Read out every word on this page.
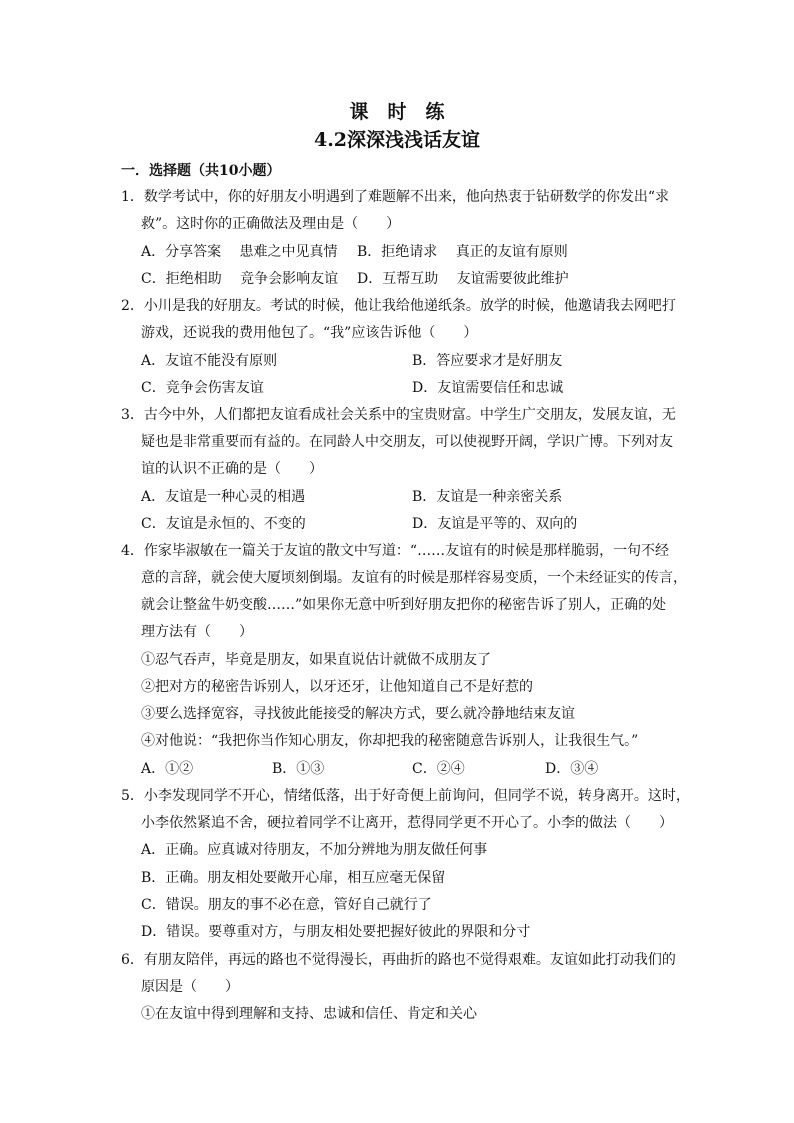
课　时　练
4.2深深浅浅话友谊
一．选择题（共10小题）
1．数学考试中，你的好朋友小明遇到了难题解不出来，他向热衷于钻研数学的你发出“求
救”。这时你的正确做法及理由是（　　）
A．分享答案　 患难之中见真情 B．拒绝请求　 真正的友谊有原则
C．拒绝相助　 竞争会影响友谊 D．互帮互助　 友谊需要彼此维护
2．小川是我的好朋友。考试的时候，他让我给他递纸条。放学的时候，他邀请我去网吧打
游戏，还说我的费用他包了。“我”应该告诉他（　　）
A．友谊不能没有原则	B．答应要求才是好朋友
C．竞争会伤害友谊	D．友谊需要信任和忠诚
3．古今中外，人们都把友谊看成社会关系中的宝贵财富。中学生广交朋友，发展友谊，无
疑也是非常重要而有益的。在同龄人中交朋友，可以使视野开阔，学识广博。下列对友
谊的认识不正确的是（　　）
A．友谊是一种心灵的相遇	B．友谊是一种亲密关系
C．友谊是永恒的、不变的	D．友谊是平等的、双向的
4．作家毕淑敏在一篇关于友谊的散文中写道：“……友谊有的时候是那样脆弱，一句不经
意的言辞，就会使大厦顷刻倒塌。友谊有的时候是那样容易变质，一个未经证实的传言，
就会让整盆牛奶变酸……”如果你无意中听到好朋友把你的秘密告诉了别人，正确的处
理方法有（　　）
①忍气吞声，毕竟是朋友，如果直说估计就做不成朋友了
②把对方的秘密告诉别人，以牙还牙，让他知道自己不是好惹的
③要么选择宽容，寻找彼此能接受的解决方式，要么就冷静地结束友谊
④对他说：“我把你当作知心朋友，你却把我的秘密随意告诉别人，让我很生气。”
A．①②	B．①③	C．②④	D．③④
5．小李发现同学不开心，情绪低落，出于好奇便上前询问，但同学不说，转身离开。这时，
小李依然紧追不舍，硬拉着同学不让离开，惹得同学更不开心了。小李的做法（　　）
A．正确。应真诚对待朋友，不加分辨地为朋友做任何事
B．正确。朋友相处要敞开心扉，相互应毫无保留
C．错误。朋友的事不必在意，管好自己就行了
D．错误。要尊重对方，与朋友相处要把握好彼此的界限和分寸
6．有朋友陪伴，再远的路也不觉得漫长，再曲折的路也不觉得艰难。友谊如此打动我们的
原因是（　　）
①在友谊中得到理解和支持、忠诚和信任、肯定和关心
